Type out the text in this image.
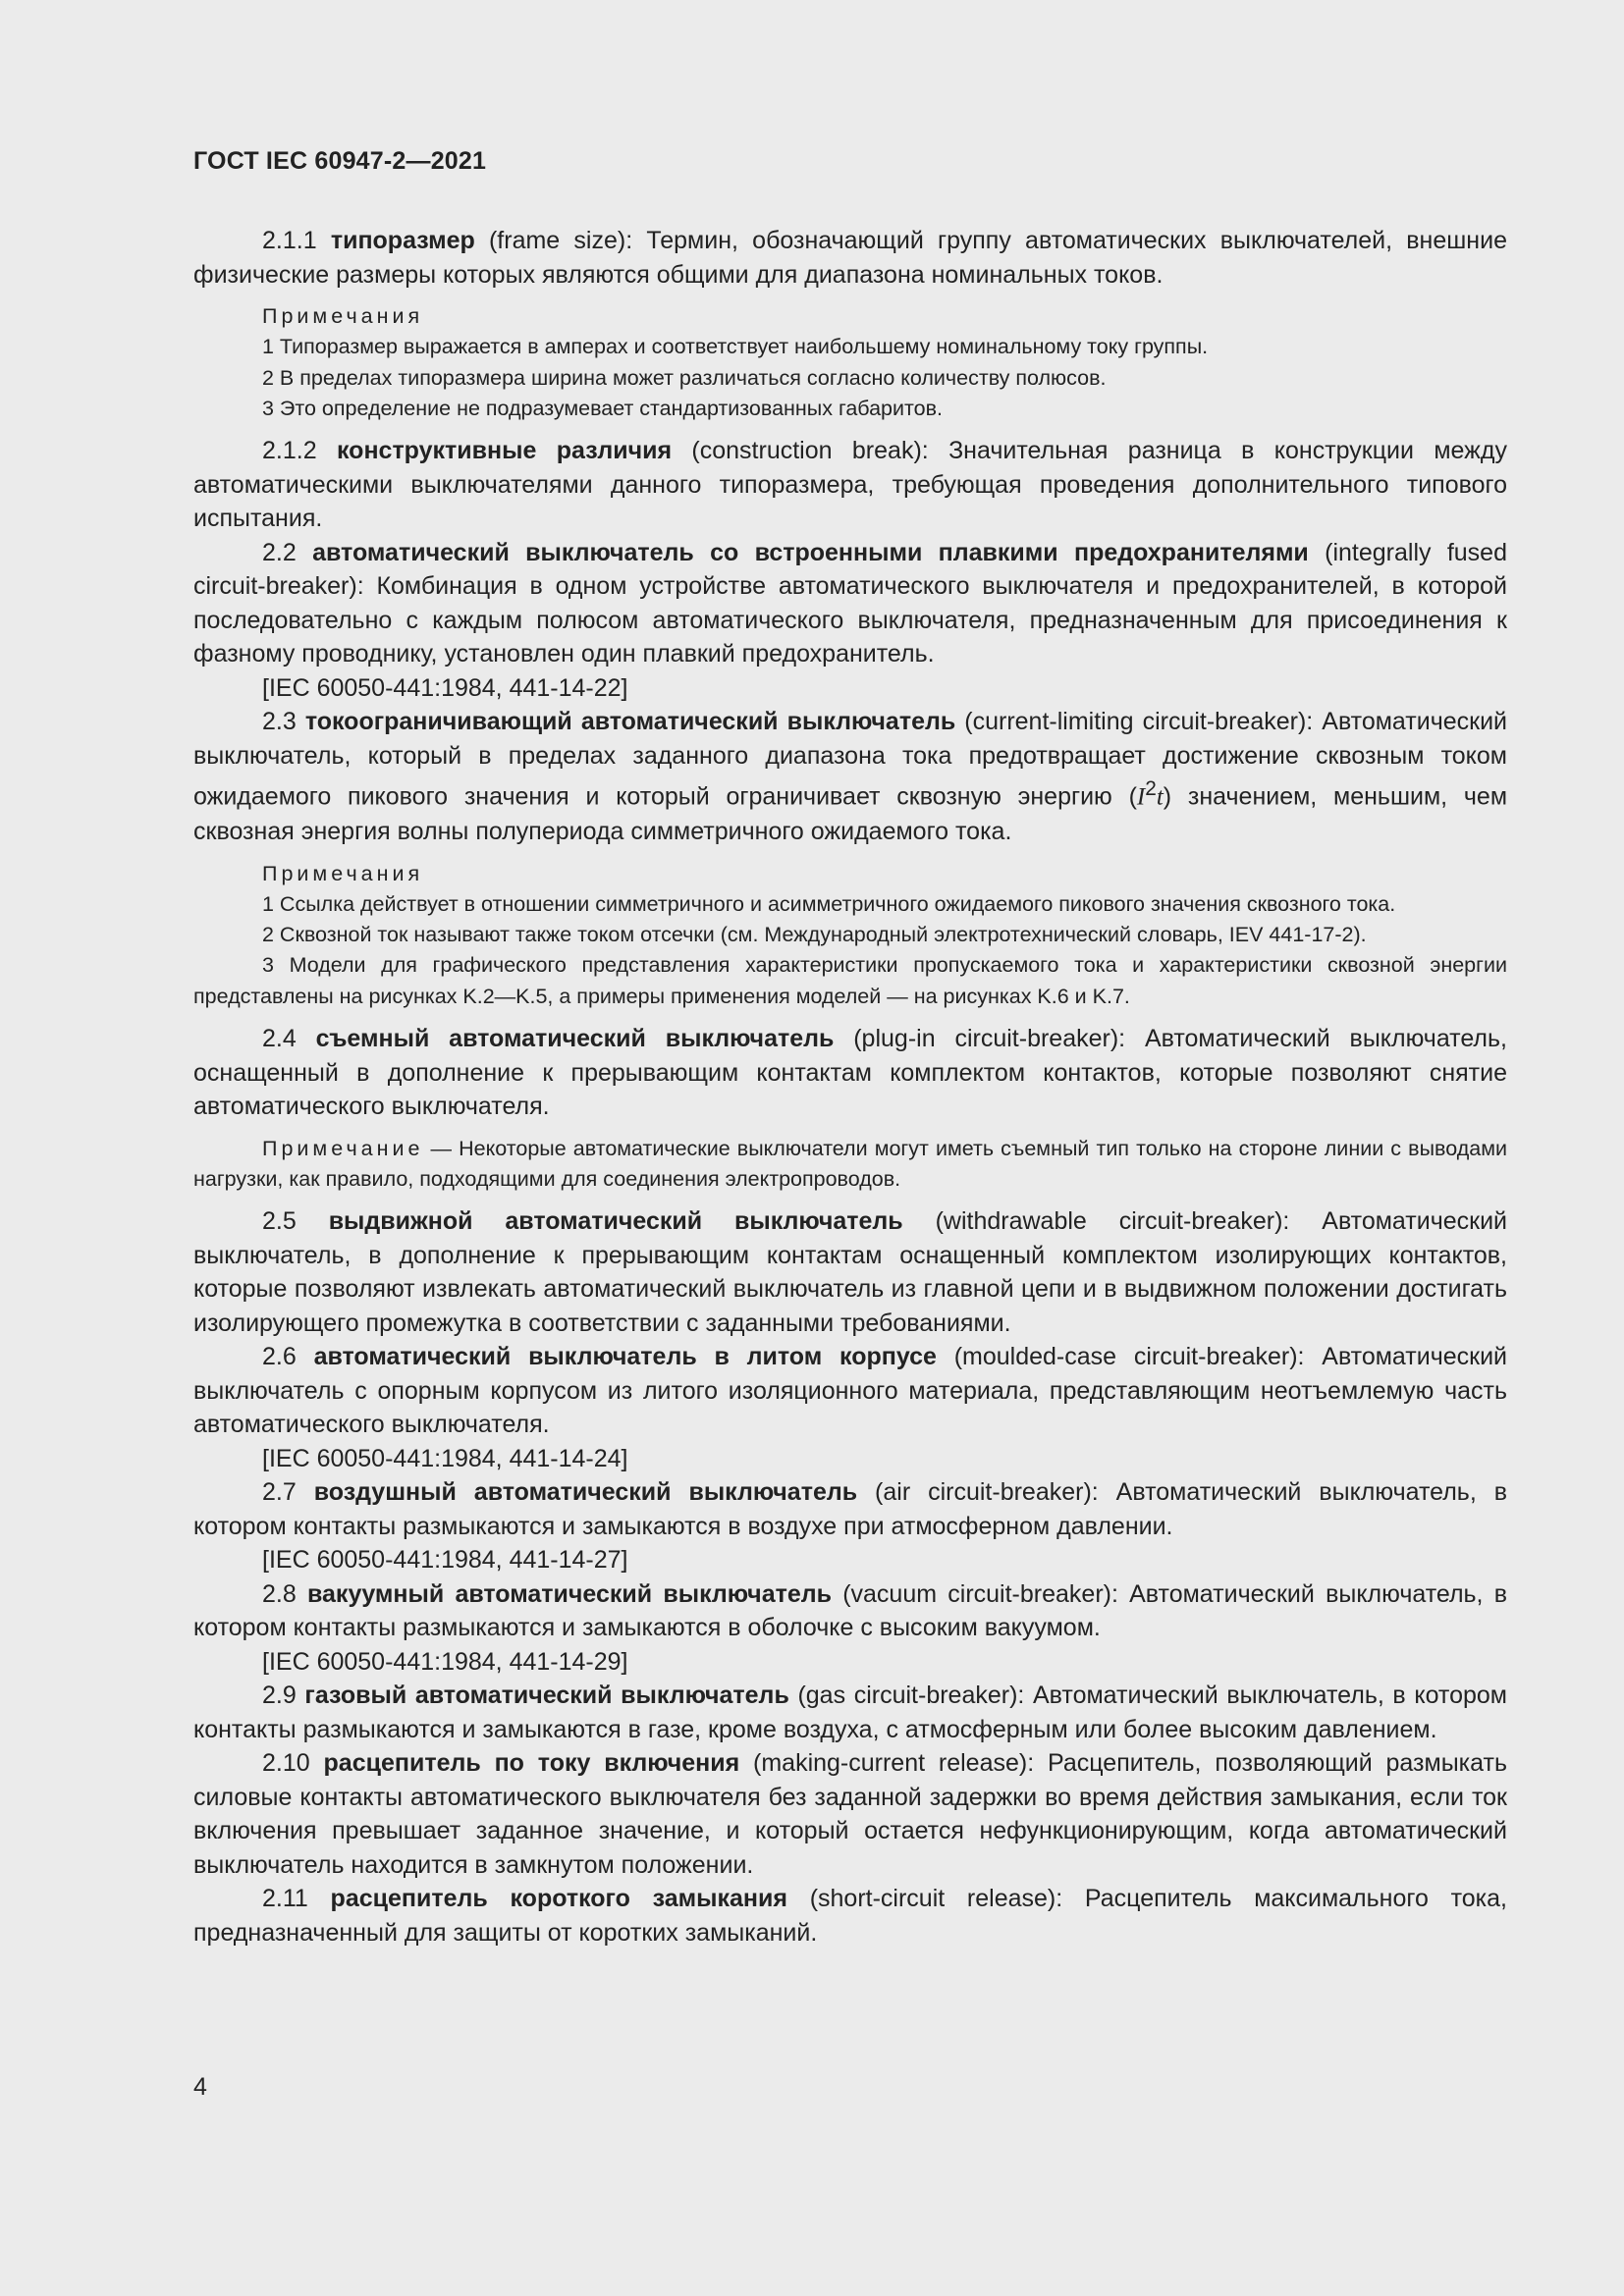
ГОСТ IEC 60947-2—2021

2.1.1 типоразмер (frame size): Термин, обозначающий группу автоматических выключателей, внешние физические размеры которых являются общими для диапазона номинальных токов.

Примечания
1 Типоразмер выражается в амперах и соответствует наибольшему номинальному току группы.
2 В пределах типоразмера ширина может различаться согласно количеству полюсов.
3 Это определение не подразумевает стандартизованных габаритов.

2.1.2 конструктивные различия (construction break): Значительная разница в конструкции между автоматическими выключателями данного типоразмера, требующая проведения дополнительного типового испытания.

2.2 автоматический выключатель со встроенными плавкими предохранителями (integrally fused circuit-breaker): Комбинация в одном устройстве автоматического выключателя и предохранителей, в которой последовательно с каждым полюсом автоматического выключателя, предназначенным для присоединения к фазному проводнику, установлен один плавкий предохранитель.

[IEC 60050-441:1984, 441-14-22]

2.3 токоограничивающий автоматический выключатель (current-limiting circuit-breaker): Автоматический выключатель, который в пределах заданного диапазона тока предотвращает достижение сквозным током ожидаемого пикового значения и который ограничивает сквозную энергию $(I^2t)$ значением, меньшим, чем сквозная энергия волны полупериода симметричного ожидаемого тока.

Примечания
1 Ссылка действует в отношении симметричного и асимметричного ожидаемого пикового значения сквозного тока.
2 Сквозной ток называют также током отсечки (см. Международный электротехнический словарь, IEV 441-17-2).
3 Модели для графического представления характеристики пропускаемого тока и характеристики сквозной энергии представлены на рисунках K.2—K.5, а примеры применения моделей — на рисунках K.6 и K.7.

2.4 съемный автоматический выключатель (plug-in circuit-breaker): Автоматический выключатель, оснащенный в дополнение к прерывающим контактам комплектом контактов, которые позволяют снятие автоматического выключателя.

Примечание — Некоторые автоматические выключатели могут иметь съемный тип только на стороне линии с выводами нагрузки, как правило, подходящими для соединения электропроводов.

2.5 выдвижной автоматический выключатель (withdrawable circuit-breaker): Автоматический выключатель, в дополнение к прерывающим контактам оснащенный комплектом изолирующих контактов, которые позволяют извлекать автоматический выключатель из главной цепи и в выдвижном положении достигать изолирующего промежутка в соответствии с заданными требованиями.

2.6 автоматический выключатель в литом корпусе (moulded-case circuit-breaker): Автоматический выключатель с опорным корпусом из литого изоляционного материала, представляющим неотъемлемую часть автоматического выключателя.

[IEC 60050-441:1984, 441-14-24]

2.7 воздушный автоматический выключатель (air circuit-breaker): Автоматический выключатель, в котором контакты размыкаются и замыкаются в воздухе при атмосферном давлении.

[IEC 60050-441:1984, 441-14-27]

2.8 вакуумный автоматический выключатель (vacuum circuit-breaker): Автоматический выключатель, в котором контакты размыкаются и замыкаются в оболочке с высоким вакуумом.

[IEC 60050-441:1984, 441-14-29]

2.9 газовый автоматический выключатель (gas circuit-breaker): Автоматический выключатель, в котором контакты размыкаются и замыкаются в газе, кроме воздуха, с атмосферным или более высоким давлением.

2.10 расцепитель по току включения (making-current release): Расцепитель, позволяющий размыкать силовые контакты автоматического выключателя без заданной задержки во время действия замыкания, если ток включения превышает заданное значение, и который остается нефункционирующим, когда автоматический выключатель находится в замкнутом положении.

2.11 расцепитель короткого замыкания (short-circuit release): Расцепитель максимального тока, предназначенный для защиты от коротких замыканий.

4
